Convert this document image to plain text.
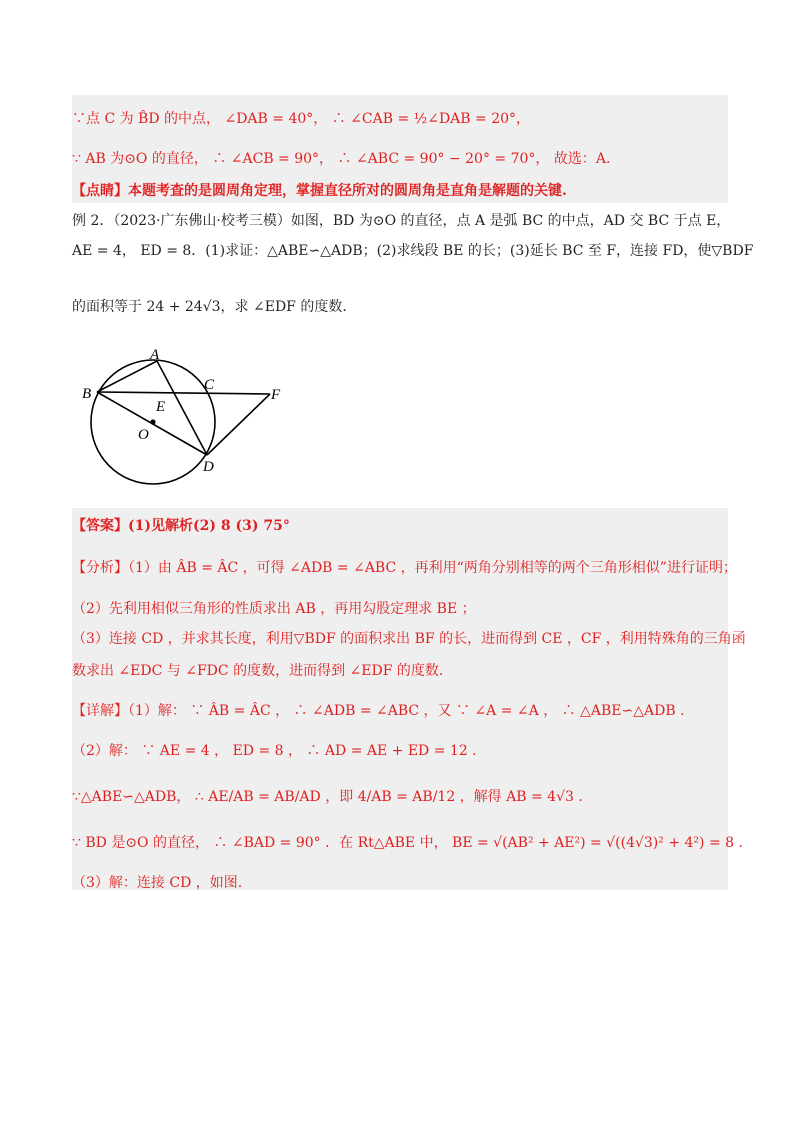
∵点 C 为 B̂D 的中点， ∠DAB = 40°， ∴ ∠CAB = ½∠DAB = 20°，
∵ AB 为⊙O 的直径， ∴ ∠ACB = 90°， ∴ ∠ABC = 90° − 20° = 70°， 故选：A.
【点睛】本题考查的是圆周角定理，掌握直径所对的圆周角是直角是解题的关键.
例 2．（2023·广东佛山·校考三模）如图，BD 为⊙O 的直径，点 A 是弧 BC 的中点，AD 交 BC 于点 E，
AE = 4， ED = 8．(1)求证：△ABE∽△ADB；(2)求线段 BE 的长；(3)延长 BC 至 F，连接 FD，使▽BDF
的面积等于 24 + 24√3，求 ∠EDF 的度数.
A
B
C
E
F
O
D
【答案】(1)见解析(2) 8 (3) 75°
【分析】（1）由 ÂB = ÂC ，可得 ∠ADB = ∠ABC ，再利用“两角分别相等的两个三角形相似”进行证明；
（2）先利用相似三角形的性质求出 AB ，再用勾股定理求 BE ；
（3）连接 CD ，并求其长度，利用▽BDF 的面积求出 BF 的长，进而得到 CE ，CF ，利用特殊角的三角函
数求出 ∠EDC 与 ∠FDC 的度数，进而得到 ∠EDF 的度数.
【详解】（1）解： ∵ ÂB = ÂC ， ∴ ∠ADB = ∠ABC ，又 ∵ ∠A = ∠A ， ∴ △ABE∽△ADB .
（2）解： ∵ AE = 4 ， ED = 8 ， ∴ AD = AE + ED = 12 .
∵△ABE∽△ADB， ∴ AE/AB = AB/AD ，即 4/AB = AB/12 ，解得 AB = 4√3 .
∵ BD 是⊙O 的直径， ∴ ∠BAD = 90° ．在 Rt△ABE 中， BE = √(AB² + AE²) = √((4√3)² + 4²) = 8 .
（3）解：连接 CD ，如图.
